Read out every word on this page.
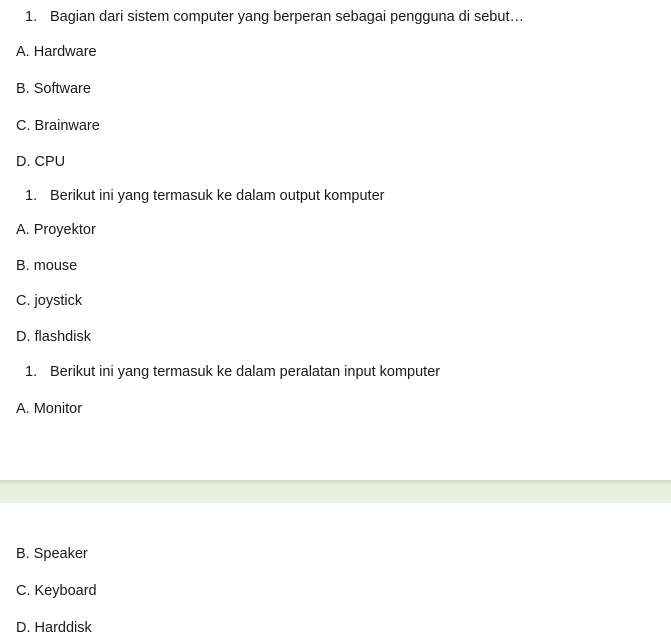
1. Bagian dari sistem computer yang berperan sebagai pengguna di sebut…
A. Hardware
B. Software
C. Brainware
D. CPU
1. Berikut ini yang termasuk ke dalam output komputer
A. Proyektor
B. mouse
C. joystick
D. flashdisk
1. Berikut ini yang termasuk ke dalam peralatan input komputer
A. Monitor
B. Speaker
C. Keyboard
D. Harddisk
